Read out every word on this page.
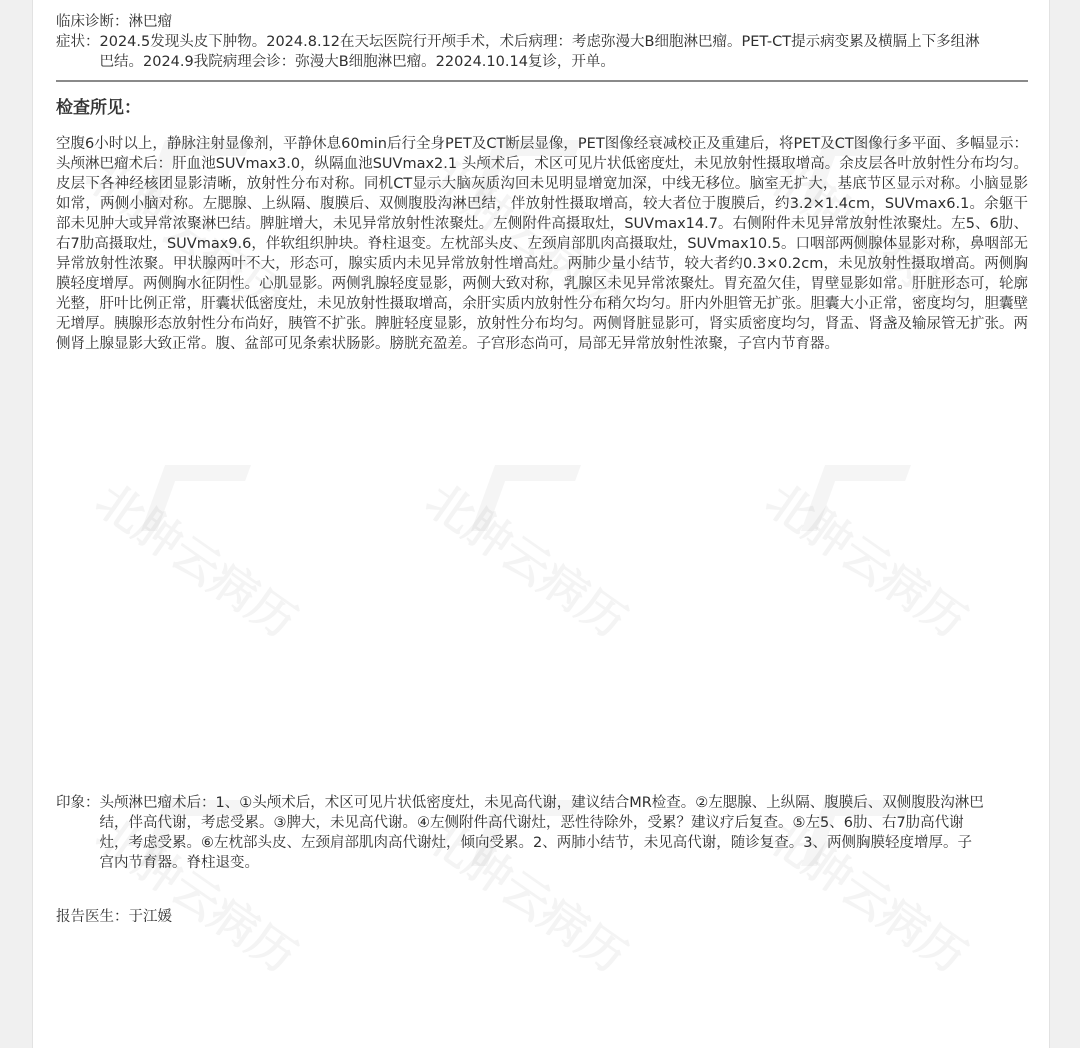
临床诊断： 淋巴瘤
症状： 2024.5发现头皮下肿物。2024.8.12在天坛医院行开颅手术，术后病理：考虑弥漫大B细胞淋巴瘤。PET-CT提示病变累及横膈上下多组淋巴结。2024.9我院病理会诊：弥漫大B细胞淋巴瘤。22024.10.14复诊，开单。
检查所见：
空腹6小时以上，静脉注射显像剂，平静休息60min后行全身PET及CT断层显像，PET图像经衰减校正及重建后，将PET及CT图像行多平面、多幅显示：头颅淋巴瘤术后：肝血池SUVmax3.0，纵隔血池SUVmax2.1 头颅术后，术区可见片状低密度灶，未见放射性摄取增高。余皮层各叶放射性分布均匀。皮层下各神经核团显影清晰，放射性分布对称。同机CT显示大脑灰质沟回未见明显增宽加深，中线无移位。脑室无扩大，基底节区显示对称。小脑显影如常，两侧小脑对称。左腮腺、上纵隔、腹膜后、双侧腹股沟淋巴结，伴放射性摄取增高，较大者位于腹膜后，约3.2×1.4cm，SUVmax6.1。余躯干部未见肿大或异常浓聚淋巴结。脾脏增大，未见异常放射性浓聚灶。左侧附件高摄取灶，SUVmax14.7。右侧附件未见异常放射性浓聚灶。左5、6肋、右7肋高摄取灶，SUVmax9.6，伴软组织肿块。脊柱退变。左枕部头皮、左颈肩部肌肉高摄取灶，SUVmax10.5。口咽部两侧腺体显影对称，鼻咽部无异常放射性浓聚。甲状腺两叶不大，形态可，腺实质内未见异常放射性增高灶。两肺少量小结节，较大者约0.3×0.2cm，未见放射性摄取增高。两侧胸膜轻度增厚。两侧胸水征阴性。心肌显影。两侧乳腺轻度显影，两侧大致对称，乳腺区未见异常浓聚灶。胃充盈欠佳，胃壁显影如常。肝脏形态可，轮廓光整，肝叶比例正常，肝囊状低密度灶，未见放射性摄取增高，余肝实质内放射性分布稍欠均匀。肝内外胆管无扩张。胆囊大小正常，密度均匀，胆囊壁无增厚。胰腺形态放射性分布尚好，胰管不扩张。脾脏轻度显影，放射性分布均匀。两侧肾脏显影可，肾实质密度均匀，肾盂、肾盏及输尿管无扩张。两侧肾上腺显影大致正常。腹、盆部可见条索状肠影。膀胱充盈差。子宫形态尚可，局部无异常放射性浓聚，子宫内节育器。
印象： 头颅淋巴瘤术后：1、①头颅术后，术区可见片状低密度灶，未见高代谢，建议结合MR检查。②左腮腺、上纵隔、腹膜后、双侧腹股沟淋巴结，伴高代谢，考虑受累。③脾大，未见高代谢。④左侧附件高代谢灶，恶性待除外，受累？建议疗后复查。⑤左5、6肋、右7肋高代谢灶，考虑受累。⑥左枕部头皮、左颈肩部肌肉高代谢灶，倾向受累。2、两肺小结节，未见高代谢，随诊复查。3、两侧胸膜轻度增厚。子宫内节育器。脊柱退变。
报告医生： 于江媛
